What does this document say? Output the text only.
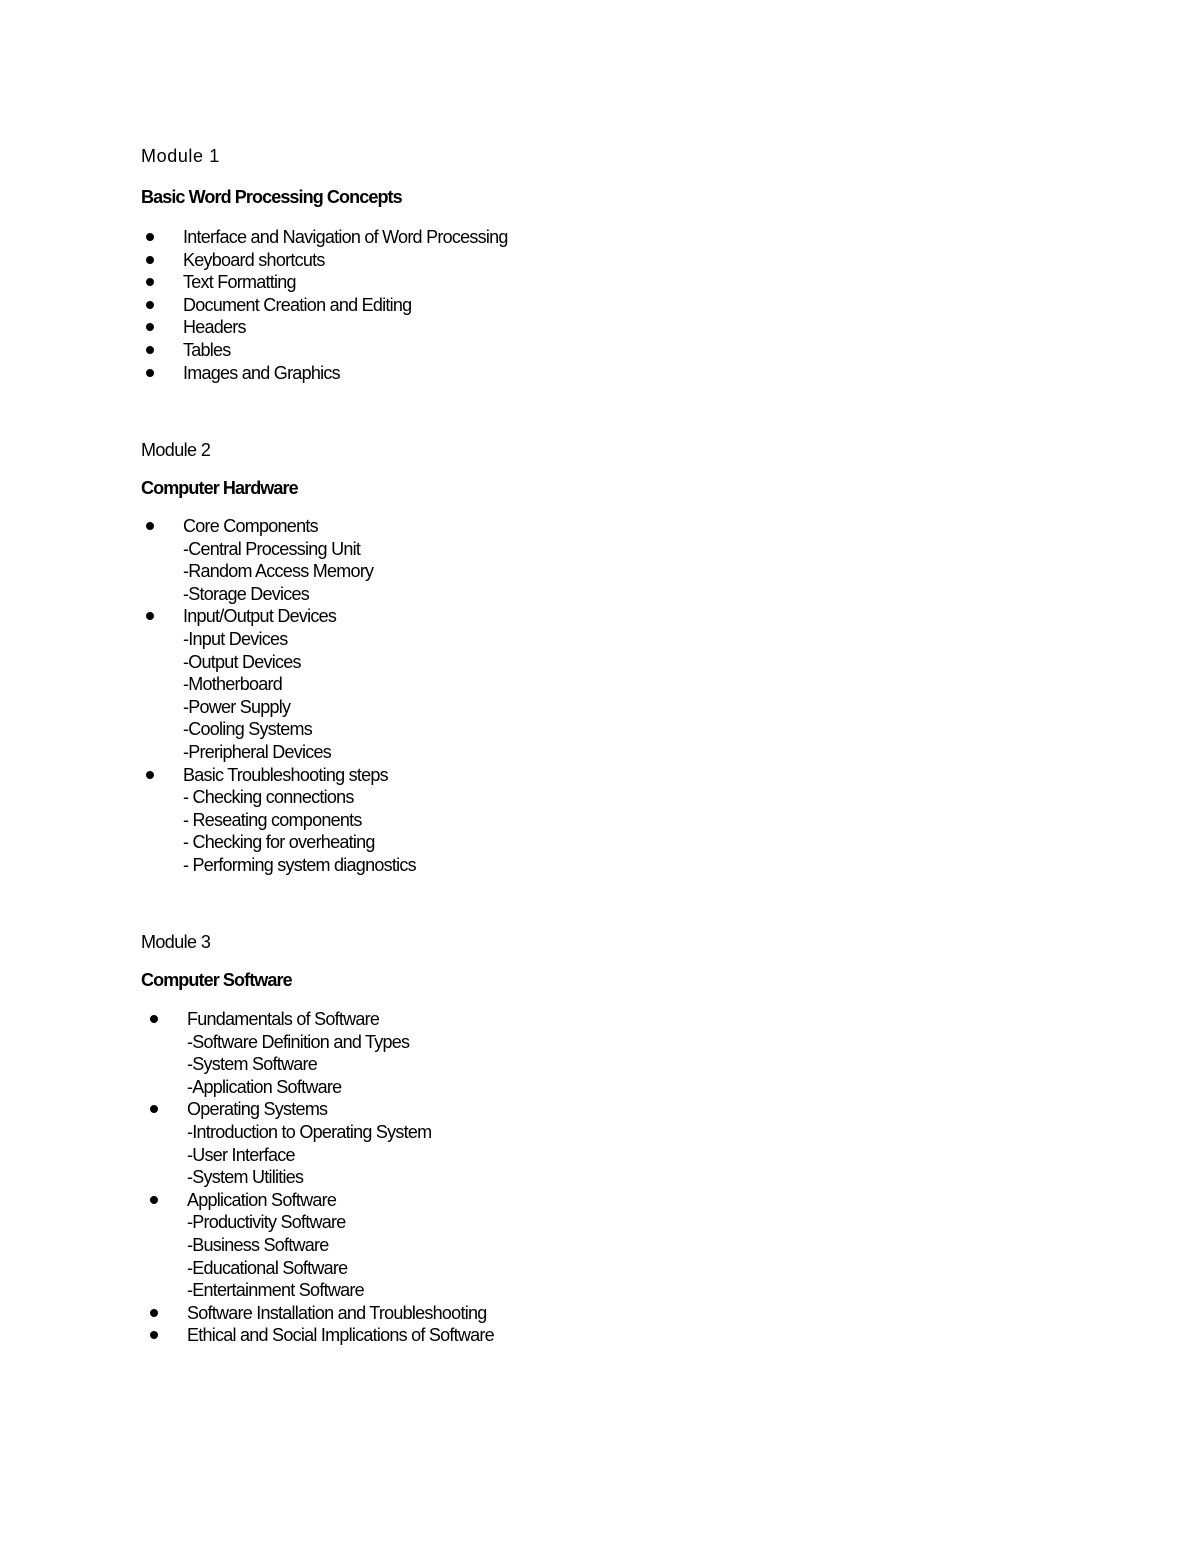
Module 1
Basic Word Processing Concepts
Interface and Navigation of Word Processing
Keyboard shortcuts
Text Formatting
Document Creation and Editing
Headers
Tables
Images and Graphics
Module 2
Computer Hardware
Core Components
-Central Processing Unit
-Random Access Memory
-Storage Devices
Input/Output Devices
-Input Devices
-Output Devices
-Motherboard
-Power Supply
-Cooling Systems
-Preripheral Devices
Basic Troubleshooting steps
- Checking connections
- Reseating components
- Checking for overheating
- Performing system diagnostics
Module 3
Computer Software
Fundamentals of Software
-Software Definition and Types
-System Software
-Application Software
Operating Systems
-Introduction to Operating System
-User Interface
-System Utilities
Application Software
-Productivity Software
-Business Software
-Educational Software
-Entertainment Software
Software Installation and Troubleshooting
Ethical and Social Implications of Software
